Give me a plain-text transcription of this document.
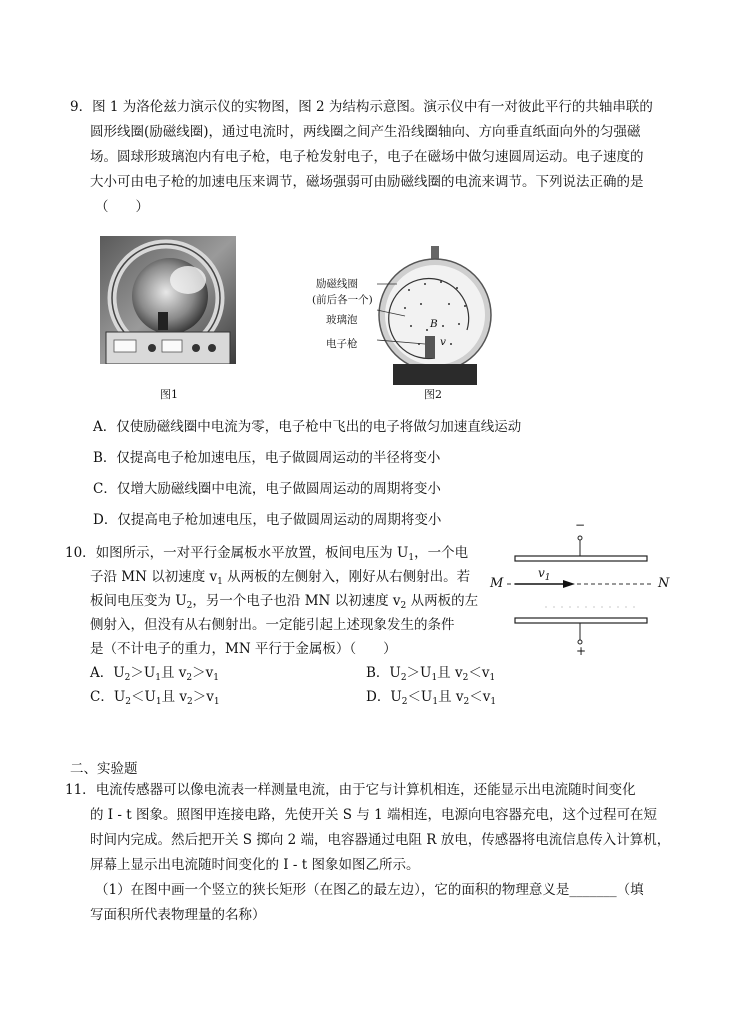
9．图 1 为洛伦兹力演示仪的实物图，图 2 为结构示意图。演示仪中有一对彼此平行的共轴串联的
圆形线圈(励磁线圈)，通过电流时，两线圈之间产生沿线圈轴向、方向垂直纸面向外的匀强磁
场。圆球形玻璃泡内有电子枪，电子枪发射电子，电子在磁场中做匀速圆周运动。电子速度的
大小可由电子枪的加速电压来调节，磁场强弱可由励磁线圈的电流来调节。下列说法正确的是
（　　）
图1
励磁线圈
(前后各一个)
玻璃泡
电子枪
B
v
图2
A．仅使励磁线圈中电流为零，电子枪中飞出的电子将做匀加速直线运动
B．仅提高电子枪加速电压，电子做圆周运动的半径将变小
C．仅增大励磁线圈中电流，电子做圆周运动的周期将变小
D．仅提高电子枪加速电压，电子做圆周运动的周期将变小
10．如图所示，一对平行金属板水平放置，板间电压为 $U_1$，一个电
子沿 MN 以初速度 $v_1$ 从两板的左侧射入，刚好从右侧射出。若
板间电压变为 $U_2$，另一个电子也沿 MN 以初速度 $v_2$ 从两板的左
侧射入，但没有从右侧射出。一定能引起上述现象发生的条件
是（不计电子的重力，MN 平行于金属板）（　　）
A．$U_2>U_1$且 $v_2>v_1$	B．$U_2>U_1$且 $v_2<v_1$
C．$U_2<U_1$且 $v_2>v_1$	D．$U_2<U_1$且 $v_2<v_1$
M	N
$v_1$
−
+
二、实验题
11．电流传感器可以像电流表一样测量电流，由于它与计算机相连，还能显示出电流随时间变化
的 I - t 图象。照图甲连接电路，先使开关 S 与 1 端相连，电源向电容器充电，这个过程可在短
时间内完成。然后把开关 S 掷向 2 端，电容器通过电阻 R 放电，传感器将电流信息传入计算机，
屏幕上显示出电流随时间变化的 I - t 图象如图乙所示。
（1）在图中画一个竖立的狭长矩形（在图乙的最左边），它的面积的物理意义是_______（填
写面积所代表物理量的名称）
